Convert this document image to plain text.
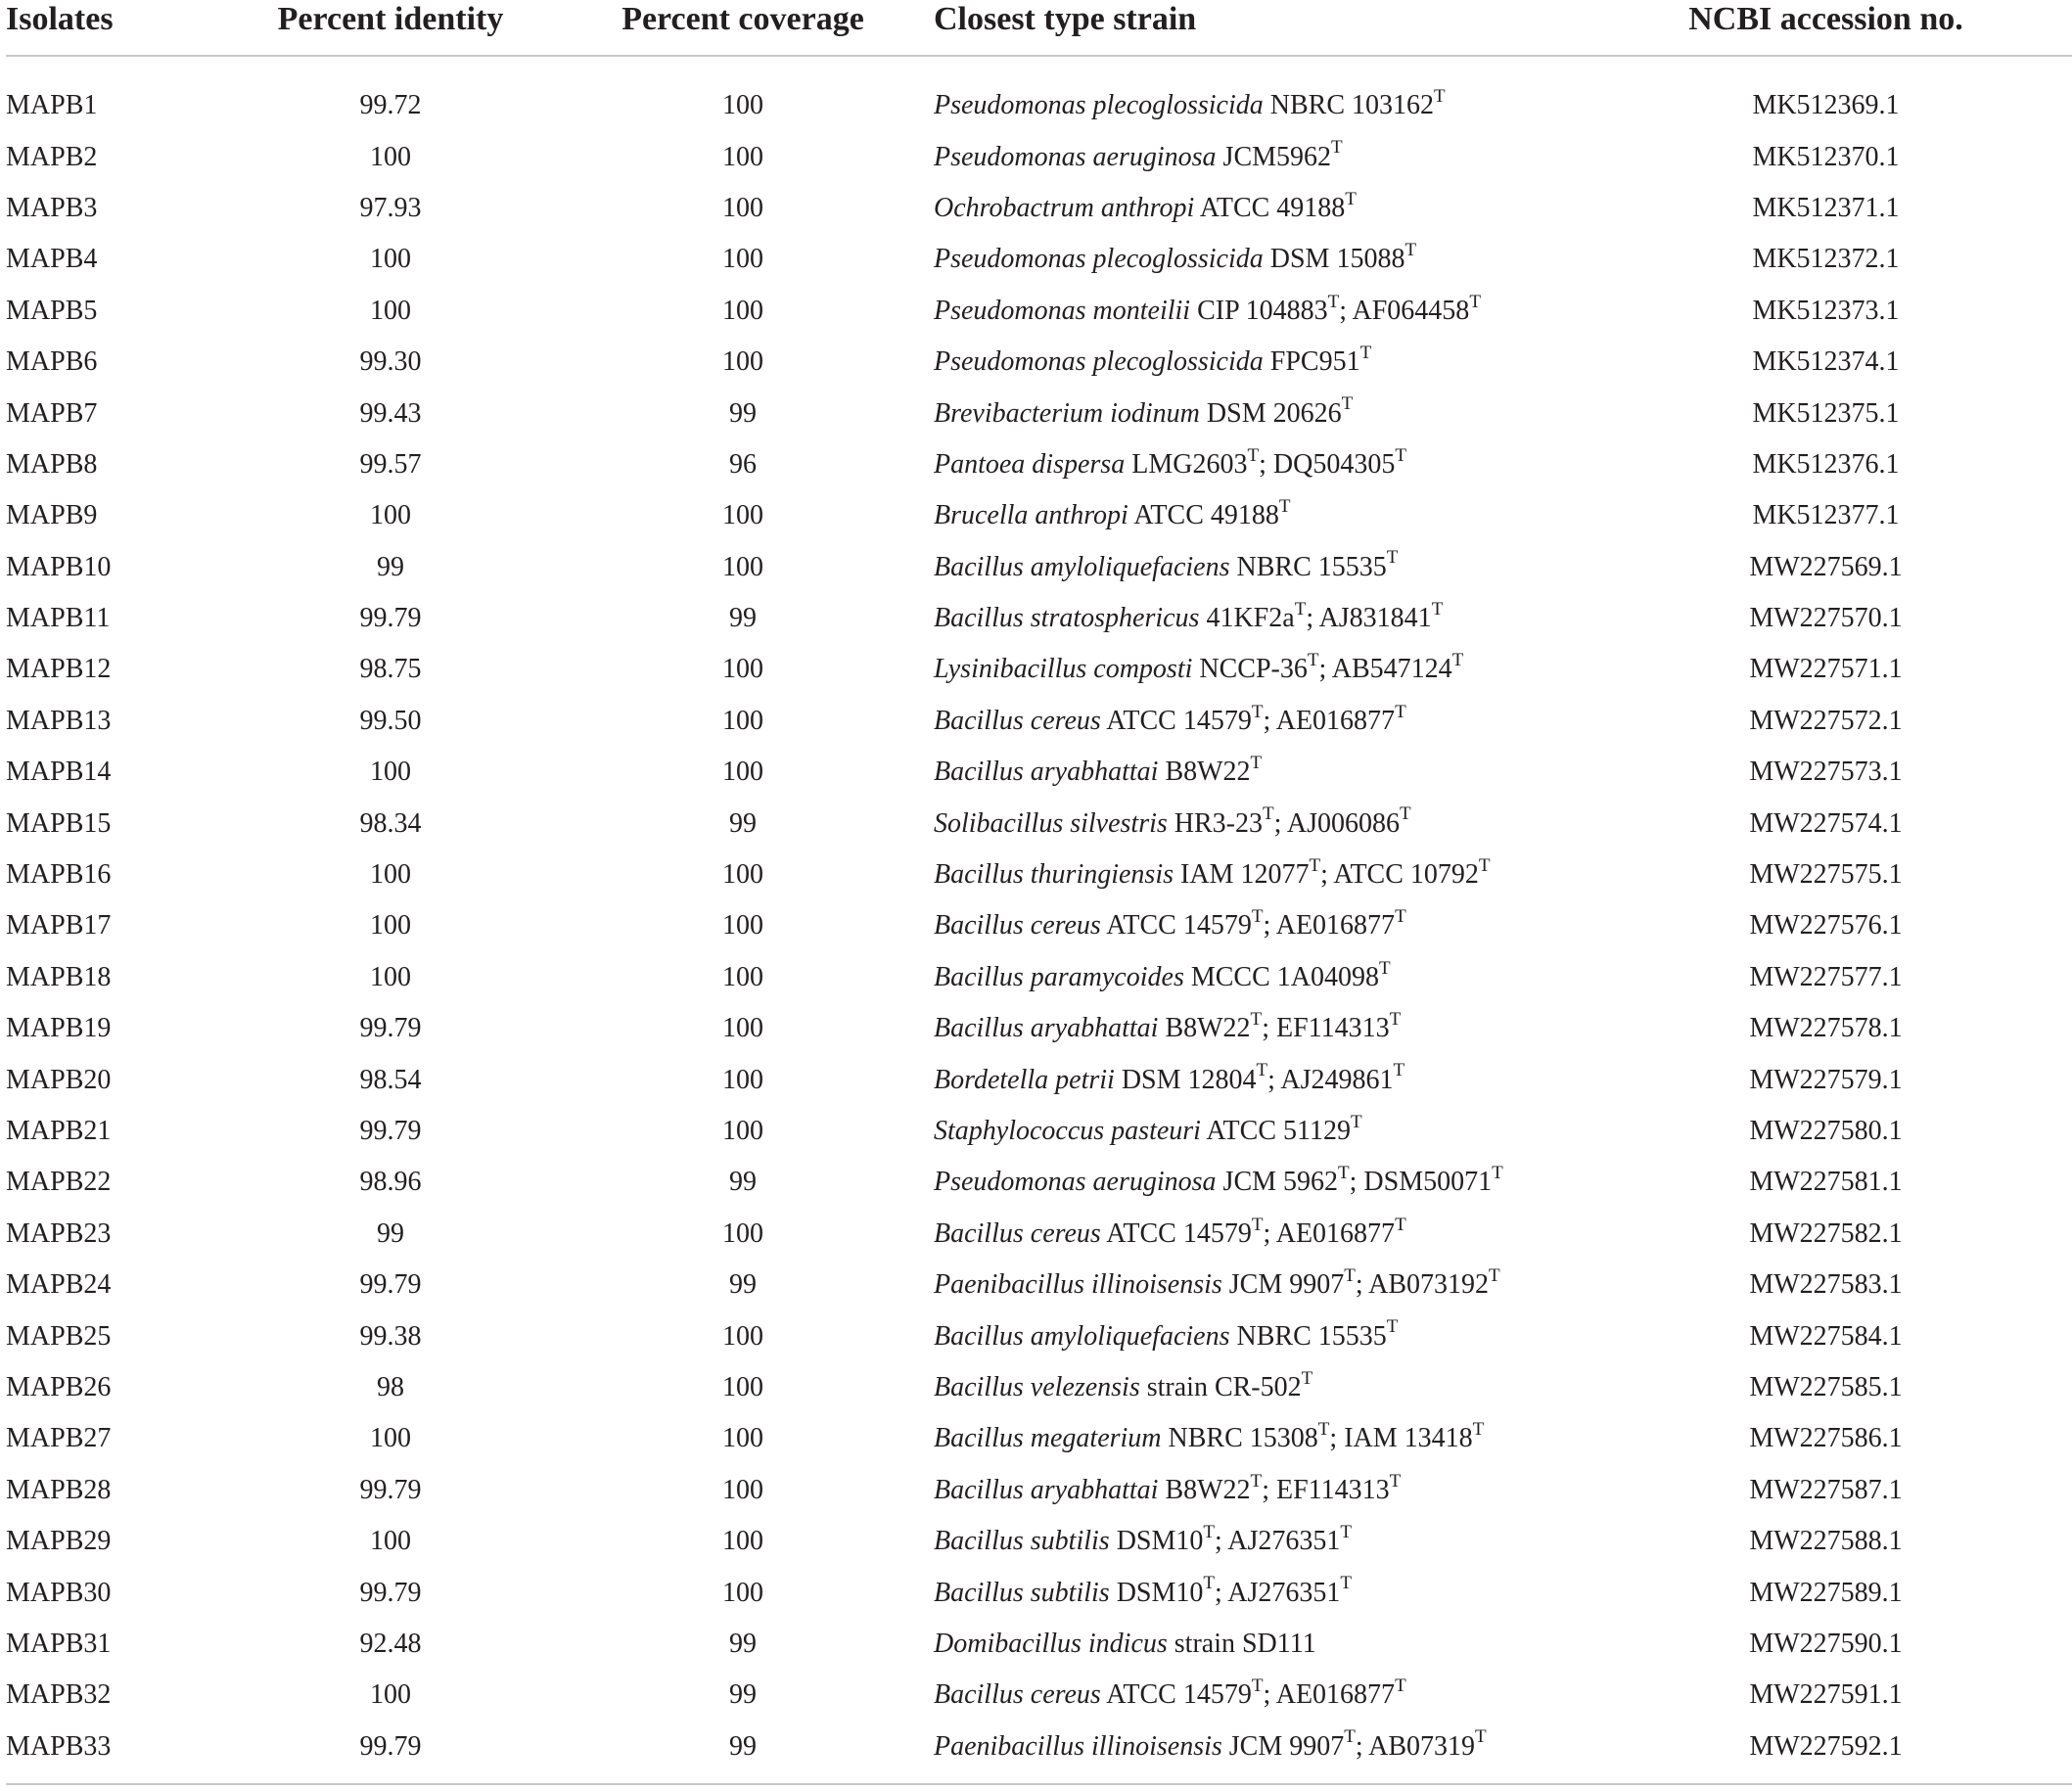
Isolates	Percent identity	Percent coverage	Closest type strain	NCBI accession no.
MAPB1	99.72	100	Pseudomonas plecoglossicida NBRC $103162^T$	MK512369.1
MAPB2	100	100	Pseudomonas aeruginosa $JCM5962^T$	MK512370.1
MAPB3	97.93	100	Ochrobactrum anthropi ATCC $49188^T$	MK512371.1
MAPB4	100	100	Pseudomonas plecoglossicida DSM $15088^T$	MK512372.1
MAPB5	100	100	Pseudomonas monteilii CIP $104883^T$; $AF064458^T$	MK512373.1
MAPB6	99.30	100	Pseudomonas plecoglossicida $FPC951^T$	MK512374.1
MAPB7	99.43	99	Brevibacterium iodinum DSM $20626^T$	MK512375.1
MAPB8	99.57	96	Pantoea dispersa $LMG2603^T$; $DQ504305^T$	MK512376.1
MAPB9	100	100	Brucella anthropi ATCC $49188^T$	MK512377.1
MAPB10	99	100	Bacillus amyloliquefaciens NBRC $15535^T$	MW227569.1
MAPB11	99.79	99	Bacillus stratosphericus $41KF2a^T$; $AJ831841^T$	MW227570.1
MAPB12	98.75	100	Lysinibacillus composti NCCP-$36^T$; $AB547124^T$	MW227571.1
MAPB13	99.50	100	Bacillus cereus ATCC $14579^T$; $AE016877^T$	MW227572.1
MAPB14	100	100	Bacillus aryabhattai $B8W22^T$	MW227573.1
MAPB15	98.34	99	Solibacillus silvestris $HR3-23^T$; $AJ006086^T$	MW227574.1
MAPB16	100	100	Bacillus thuringiensis IAM $12077^T$; ATCC $10792^T$	MW227575.1
MAPB17	100	100	Bacillus cereus ATCC $14579^T$; $AE016877^T$	MW227576.1
MAPB18	100	100	Bacillus paramycoides MCCC $1A04098^T$	MW227577.1
MAPB19	99.79	100	Bacillus aryabhattai $B8W22^T$; $EF114313^T$	MW227578.1
MAPB20	98.54	100	Bordetella petrii DSM $12804^T$; $AJ249861^T$	MW227579.1
MAPB21	99.79	100	Staphylococcus pasteuri ATCC $51129^T$	MW227580.1
MAPB22	98.96	99	Pseudomonas aeruginosa JCM $5962^T$; $DSM50071^T$	MW227581.1
MAPB23	99	100	Bacillus cereus ATCC $14579^T$; $AE016877^T$	MW227582.1
MAPB24	99.79	99	Paenibacillus illinoisensis JCM $9907^T$; $AB073192^T$	MW227583.1
MAPB25	99.38	100	Bacillus amyloliquefaciens NBRC $15535^T$	MW227584.1
MAPB26	98	100	Bacillus velezensis strain $CR-502^T$	MW227585.1
MAPB27	100	100	Bacillus megaterium NBRC $15308^T$; IAM $13418^T$	MW227586.1
MAPB28	99.79	100	Bacillus aryabhattai $B8W22^T$; $EF114313^T$	MW227587.1
MAPB29	100	100	Bacillus subtilis $DSM10^T$; $AJ276351^T$	MW227588.1
MAPB30	99.79	100	Bacillus subtilis $DSM10^T$; $AJ276351^T$	MW227589.1
MAPB31	92.48	99	Domibacillus indicus strain SD111	MW227590.1
MAPB32	100	99	Bacillus cereus ATCC $14579^T$; $AE016877^T$	MW227591.1
MAPB33	99.79	99	Paenibacillus illinoisensis JCM $9907^T$; $AB07319^T$	MW227592.1
